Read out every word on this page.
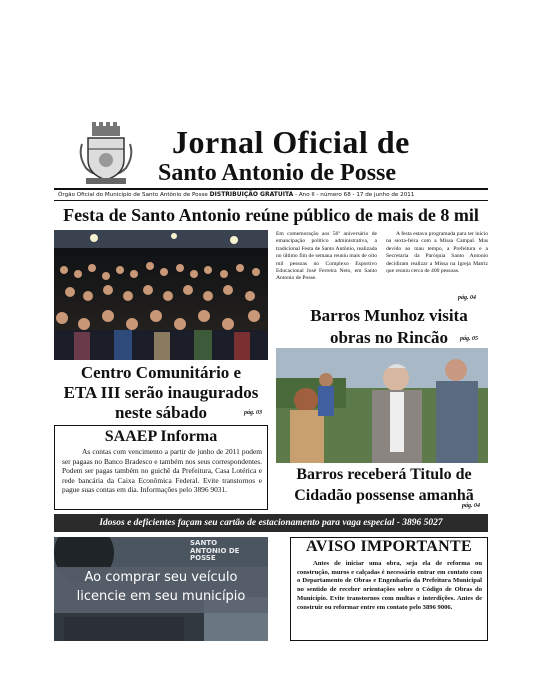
Jornal Oficial de
Santo Antonio de Posse
Órgão Oficial do Município de Santo Antônio de Posse DISTRIBUIÇÃO GRATUITA - Ano II - número 68 - 17 de junho de 2011
Festa de Santo Antonio reúne público de mais de 8 mil
Em comemoração aos 56º aniversário de emancipação político administrativa, a tradicional Festa de Santo Antônio, realizada no último fim de semana reuniu mais de oito mil pessoas no Complexo Esportivo Educacional José Ferreira Neto, em Santo Antonio de Posse.
A festa estava programada para ter início na sexta-feira com a Missa Campal. Mas devido ao mau tempo, a Prefeitura e a Secretaria da Paróquia Santo Antonio decidiram realizar a Missa na Igreja Matriz que reuniu cerca de 400 pessoas.
pág. 04
Barros Munhoz visita
obras no Rincão	pág. 05
Centro Comunitário e
ETA III serão inaugurados
neste sábado	pág. 03
SAAEP Informa
As contas com vencimento a partir de junho de 2011 podem ser pagaas no Banco Bradesco e também nos seus correspondentes. Podem ser pagas também no guichê da Prefeitura, Casa Lotérica e rede bancária da Caixa Econômica Federal. Evite transtornos e pague suas contas em dia. Informações pelo 3896 9031.
Barros receberá Titulo de
Cidadão possense amanhã
pág. 04
Idosos e deficientes façam seu cartão de estacionamento para vaga especial - 3896 5027
SANTO
ANTONIO DE
POSSE
Ao comprar seu veículo
licencie em seu município
AVISO IMPORTANTE
Antes de iniciar uma obra, seja ela de reforma ou construção, muros e calçadas é necessário entrar em contato com o Departamento de Obras e Engenharia da Prefeitura Municipal no sentido de receber orientações sobre o Código de Obras do Município. Evite transtornos com multas e interdições. Antes de construir ou reformar entre em contato pelo 3896 9006.
